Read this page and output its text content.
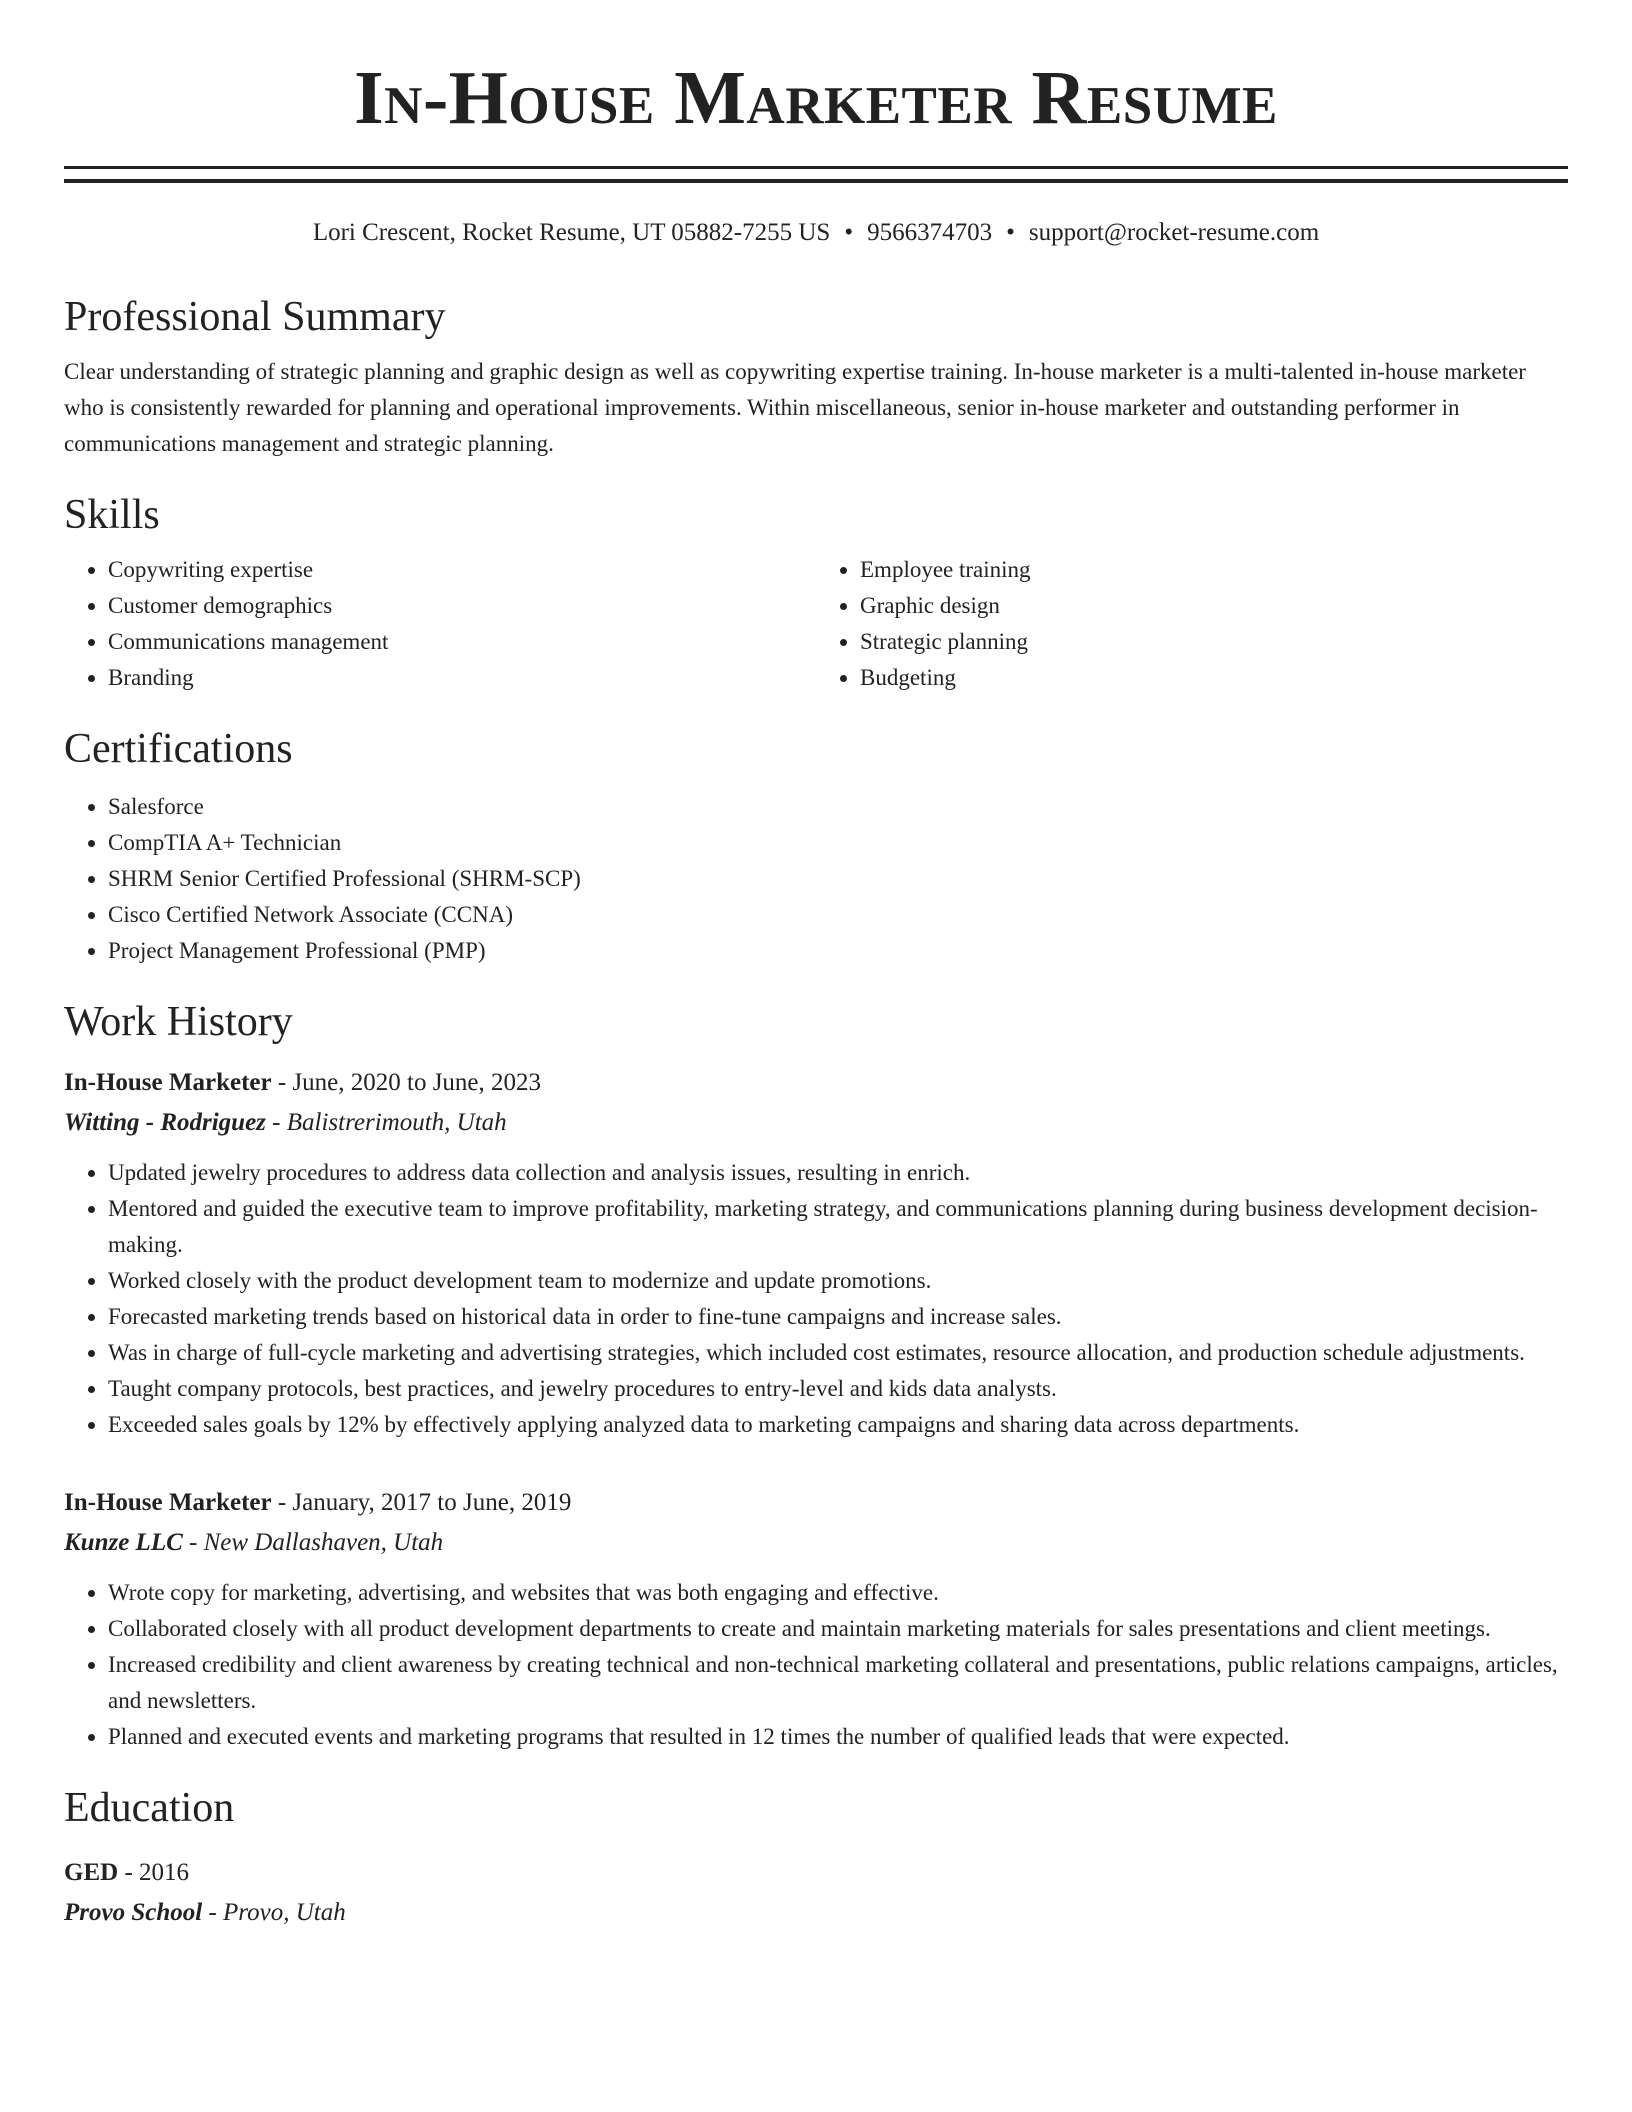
In-House Marketer Resume
Lori Crescent, Rocket Resume, UT 05882-7255 US • 9566374703 • support@rocket-resume.com
Professional Summary

Clear understanding of strategic planning and graphic design as well as copywriting expertise training. In-house marketer is a multi-talented in-house marketer who is consistently rewarded for planning and operational improvements. Within miscellaneous, senior in-house marketer and outstanding performer in communications management and strategic planning.

Skills
• Copywriting expertise
• Customer demographics
• Communications management
• Branding
• Employee training
• Graphic design
• Strategic planning
• Budgeting
Certifications
• Salesforce
• CompTIA A+ Technician
• SHRM Senior Certified Professional (SHRM-SCP)
• Cisco Certified Network Associate (CCNA)
• Project Management Professional (PMP)
Work History
In-House Marketer - June, 2020 to June, 2023
Witting - Rodriguez - Balistrerimouth, Utah
• Updated jewelry procedures to address data collection and analysis issues, resulting in enrich.
• Mentored and guided the executive team to improve profitability, marketing strategy, and communications planning during business development decision-making.
• Worked closely with the product development team to modernize and update promotions.
• Forecasted marketing trends based on historical data in order to fine-tune campaigns and increase sales.
• Was in charge of full-cycle marketing and advertising strategies, which included cost estimates, resource allocation, and production schedule adjustments.
• Taught company protocols, best practices, and jewelry procedures to entry-level and kids data analysts.
• Exceeded sales goals by 12% by effectively applying analyzed data to marketing campaigns and sharing data across departments.
In-House Marketer - January, 2017 to June, 2019
Kunze LLC - New Dallashaven, Utah
• Wrote copy for marketing, advertising, and websites that was both engaging and effective.
• Collaborated closely with all product development departments to create and maintain marketing materials for sales presentations and client meetings.
• Increased credibility and client awareness by creating technical and non-technical marketing collateral and presentations, public relations campaigns, articles, and newsletters.
• Planned and executed events and marketing programs that resulted in 12 times the number of qualified leads that were expected.
Education
GED - 2016
Provo School - Provo, Utah
